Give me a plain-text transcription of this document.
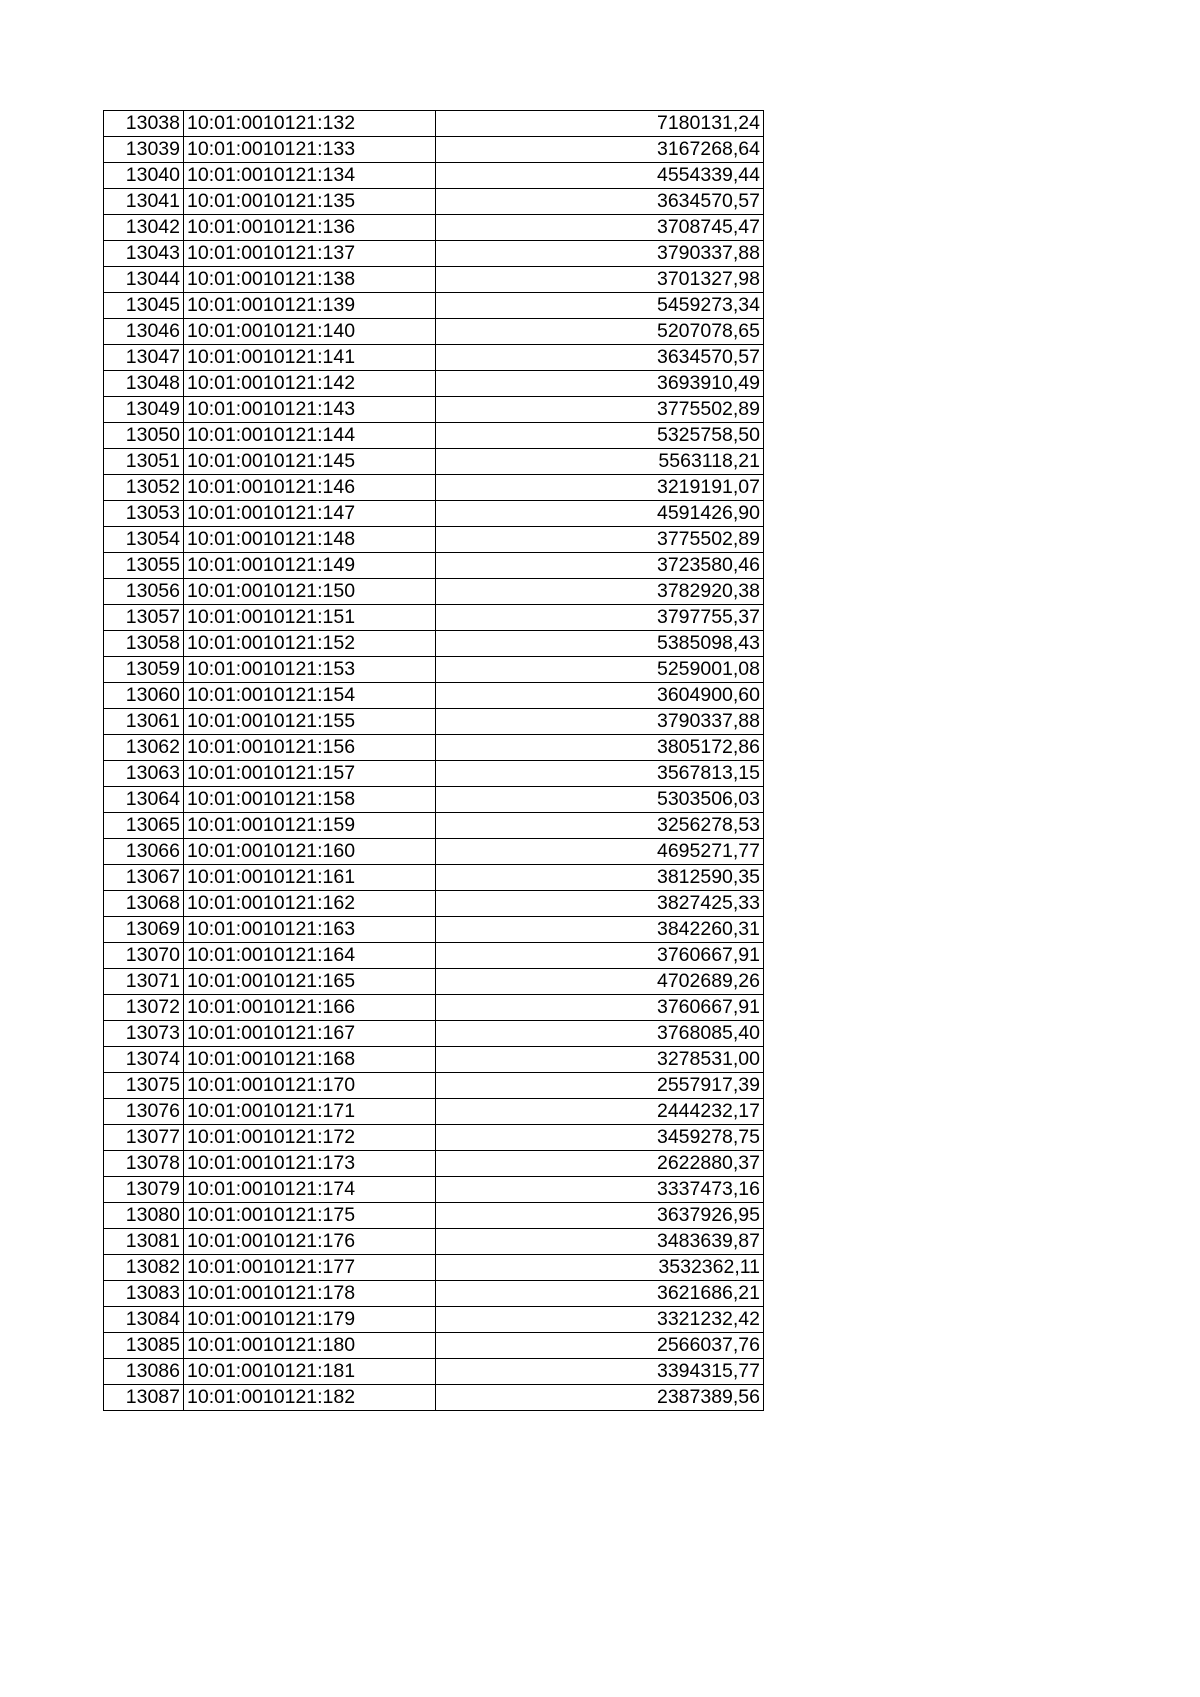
13038	10:01:0010121:132	7180131,24
13039	10:01:0010121:133	3167268,64
13040	10:01:0010121:134	4554339,44
13041	10:01:0010121:135	3634570,57
13042	10:01:0010121:136	3708745,47
13043	10:01:0010121:137	3790337,88
13044	10:01:0010121:138	3701327,98
13045	10:01:0010121:139	5459273,34
13046	10:01:0010121:140	5207078,65
13047	10:01:0010121:141	3634570,57
13048	10:01:0010121:142	3693910,49
13049	10:01:0010121:143	3775502,89
13050	10:01:0010121:144	5325758,50
13051	10:01:0010121:145	5563118,21
13052	10:01:0010121:146	3219191,07
13053	10:01:0010121:147	4591426,90
13054	10:01:0010121:148	3775502,89
13055	10:01:0010121:149	3723580,46
13056	10:01:0010121:150	3782920,38
13057	10:01:0010121:151	3797755,37
13058	10:01:0010121:152	5385098,43
13059	10:01:0010121:153	5259001,08
13060	10:01:0010121:154	3604900,60
13061	10:01:0010121:155	3790337,88
13062	10:01:0010121:156	3805172,86
13063	10:01:0010121:157	3567813,15
13064	10:01:0010121:158	5303506,03
13065	10:01:0010121:159	3256278,53
13066	10:01:0010121:160	4695271,77
13067	10:01:0010121:161	3812590,35
13068	10:01:0010121:162	3827425,33
13069	10:01:0010121:163	3842260,31
13070	10:01:0010121:164	3760667,91
13071	10:01:0010121:165	4702689,26
13072	10:01:0010121:166	3760667,91
13073	10:01:0010121:167	3768085,40
13074	10:01:0010121:168	3278531,00
13075	10:01:0010121:170	2557917,39
13076	10:01:0010121:171	2444232,17
13077	10:01:0010121:172	3459278,75
13078	10:01:0010121:173	2622880,37
13079	10:01:0010121:174	3337473,16
13080	10:01:0010121:175	3637926,95
13081	10:01:0010121:176	3483639,87
13082	10:01:0010121:177	3532362,11
13083	10:01:0010121:178	3621686,21
13084	10:01:0010121:179	3321232,42
13085	10:01:0010121:180	2566037,76
13086	10:01:0010121:181	3394315,77
13087	10:01:0010121:182	2387389,56
